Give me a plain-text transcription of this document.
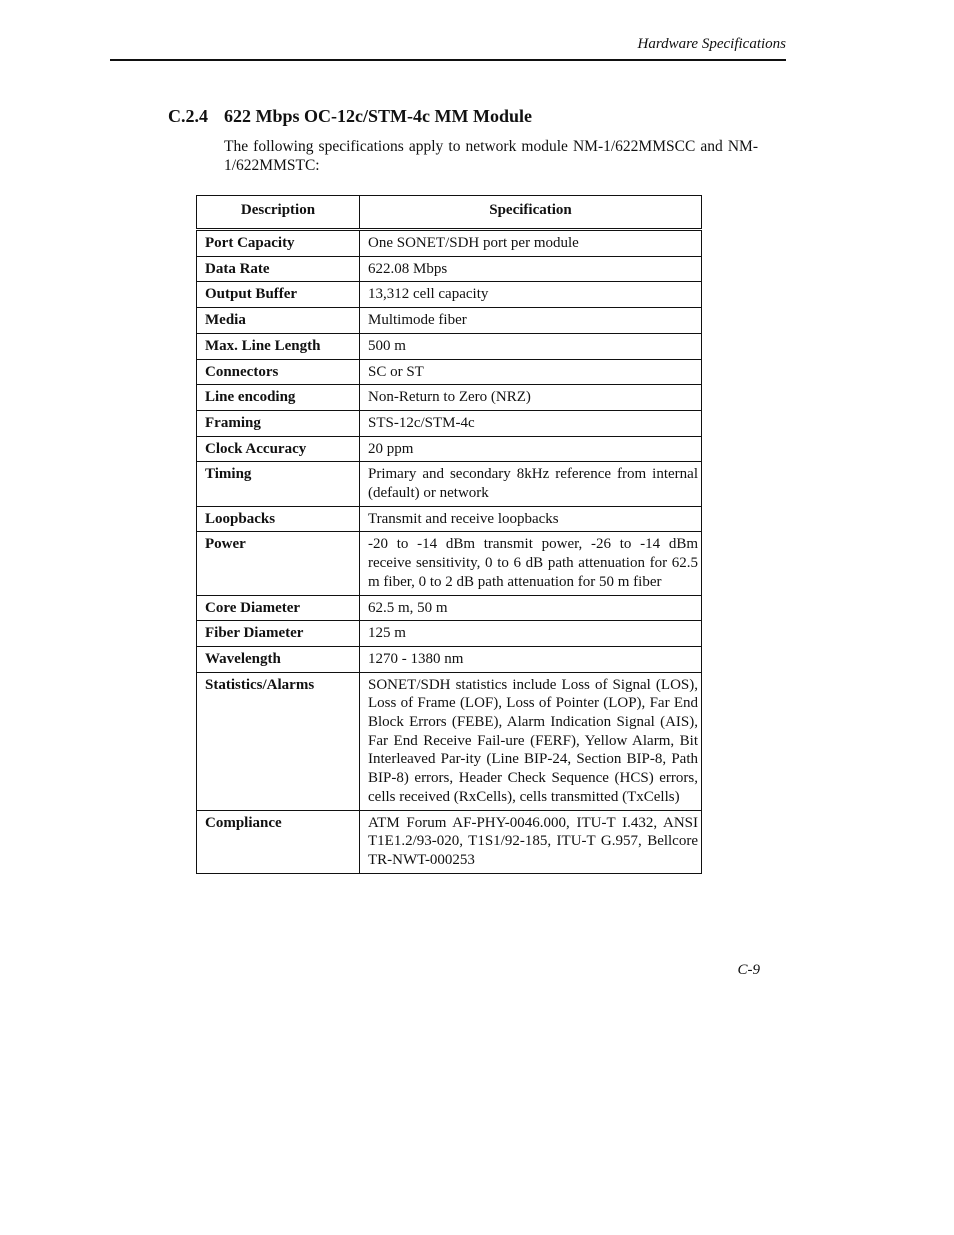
Hardware Specifications
C.2.4 622 Mbps OC-12c/STM-4c MM Module

The following specifications apply to network module NM-1/622MMSCC and NM-1/622MMSTC:

Description	Specification
Port Capacity	One SONET/SDH port per module
Data Rate	622.08 Mbps
Output Buffer	13,312 cell capacity
Media	Multimode fiber
Max. Line Length	500 m
Connectors	SC or ST
Line encoding	Non-Return to Zero (NRZ)
Framing	STS-12c/STM-4c
Clock Accuracy	20 ppm
Timing	Primary and secondary 8kHz reference from internal (default) or network
Loopbacks	Transmit and receive loopbacks
Power	-20 to -14 dBm transmit power, -26 to -14 dBm receive sensitivity, 0 to 6 dB path attenuation for 62.5 m fiber, 0 to 2 dB path attenuation for 50 m fiber
Core Diameter	62.5 m, 50 m
Fiber Diameter	125 m
Wavelength	1270 - 1380 nm
Statistics/Alarms	SONET/SDH statistics include Loss of Signal (LOS), Loss of Frame (LOF), Loss of Pointer (LOP), Far End Block Errors (FEBE), Alarm Indication Signal (AIS), Far End Receive Fail-ure (FERF), Yellow Alarm, Bit Interleaved Par-ity (Line BIP-24, Section BIP-8, Path BIP-8) errors, Header Check Sequence (HCS) errors, cells received (RxCells), cells transmitted (TxCells)
Compliance	ATM Forum AF-PHY-0046.000, ITU-T I.432, ANSI T1E1.2/93-020, T1S1/92-185, ITU-T G.957, Bellcore TR-NWT-000253
C-9
